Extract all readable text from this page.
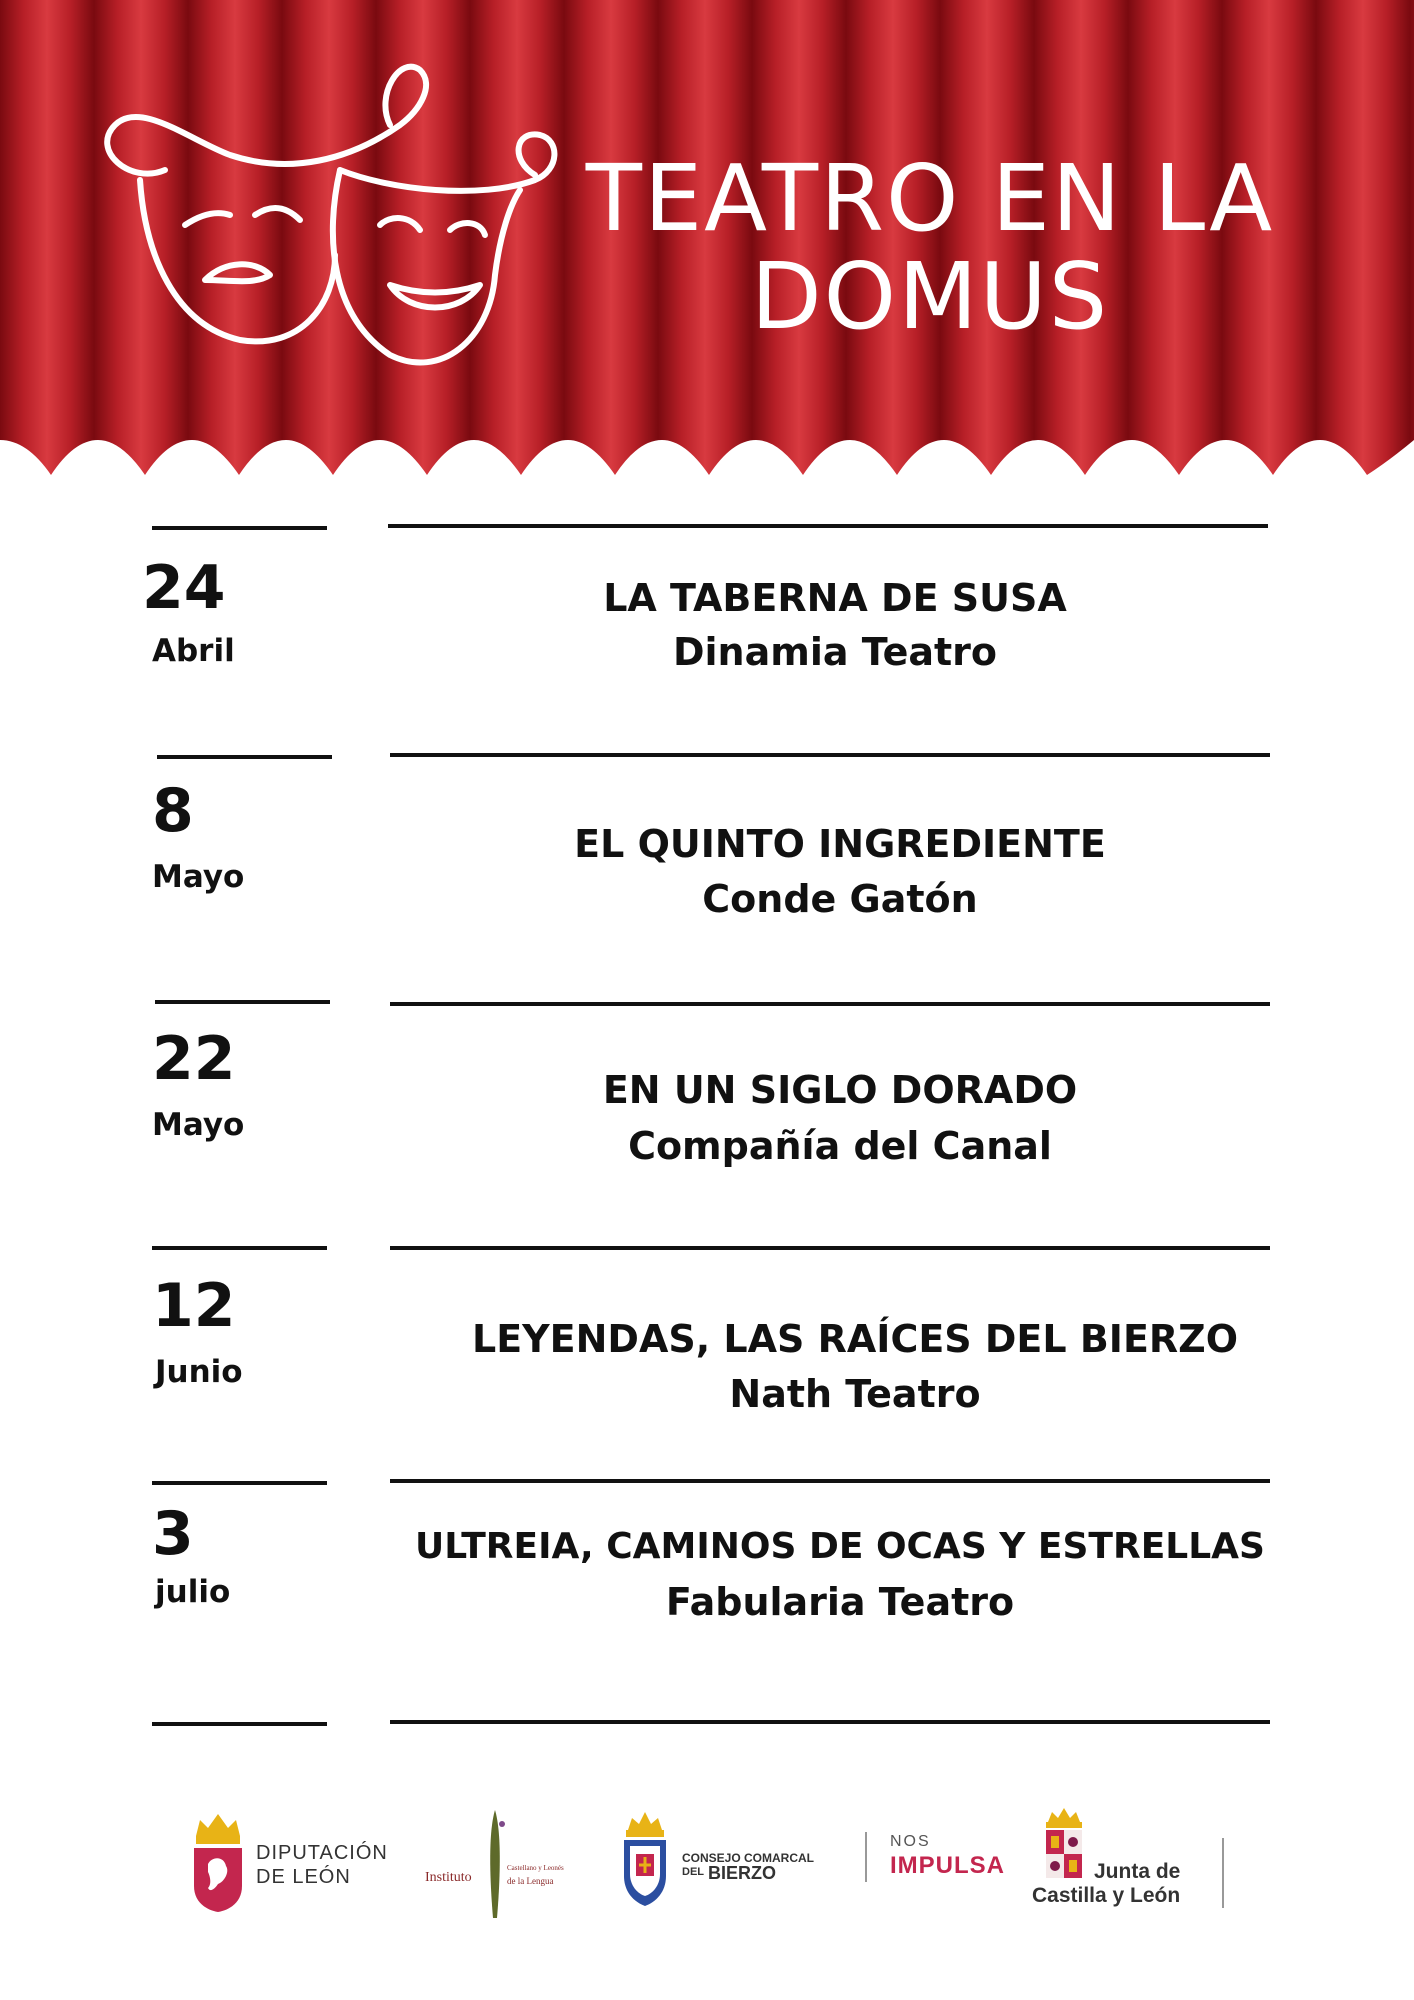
TEATRO EN LA
DOMUS
24
Abril
LA TABERNA DE SUSA
Dinamia Teatro
8
Mayo
EL QUINTO INGREDIENTE
Conde Gatón
22
Mayo
EN UN SIGLO DORADO
Compañía del Canal
12
Junio
LEYENDAS, LAS RAÍCES DEL BIERZO
Nath Teatro
3
julio
ULTREIA, CAMINOS DE OCAS Y ESTRELLAS
Fabularia Teatro
DIPUTACIÓN
DE LEÓN	Instituto
Castellano y Leonés
de la Lengua
CONSEJO COMARCAL
DEL BIERZO
NOS
IMPULSA	Junta de
Castilla y León
